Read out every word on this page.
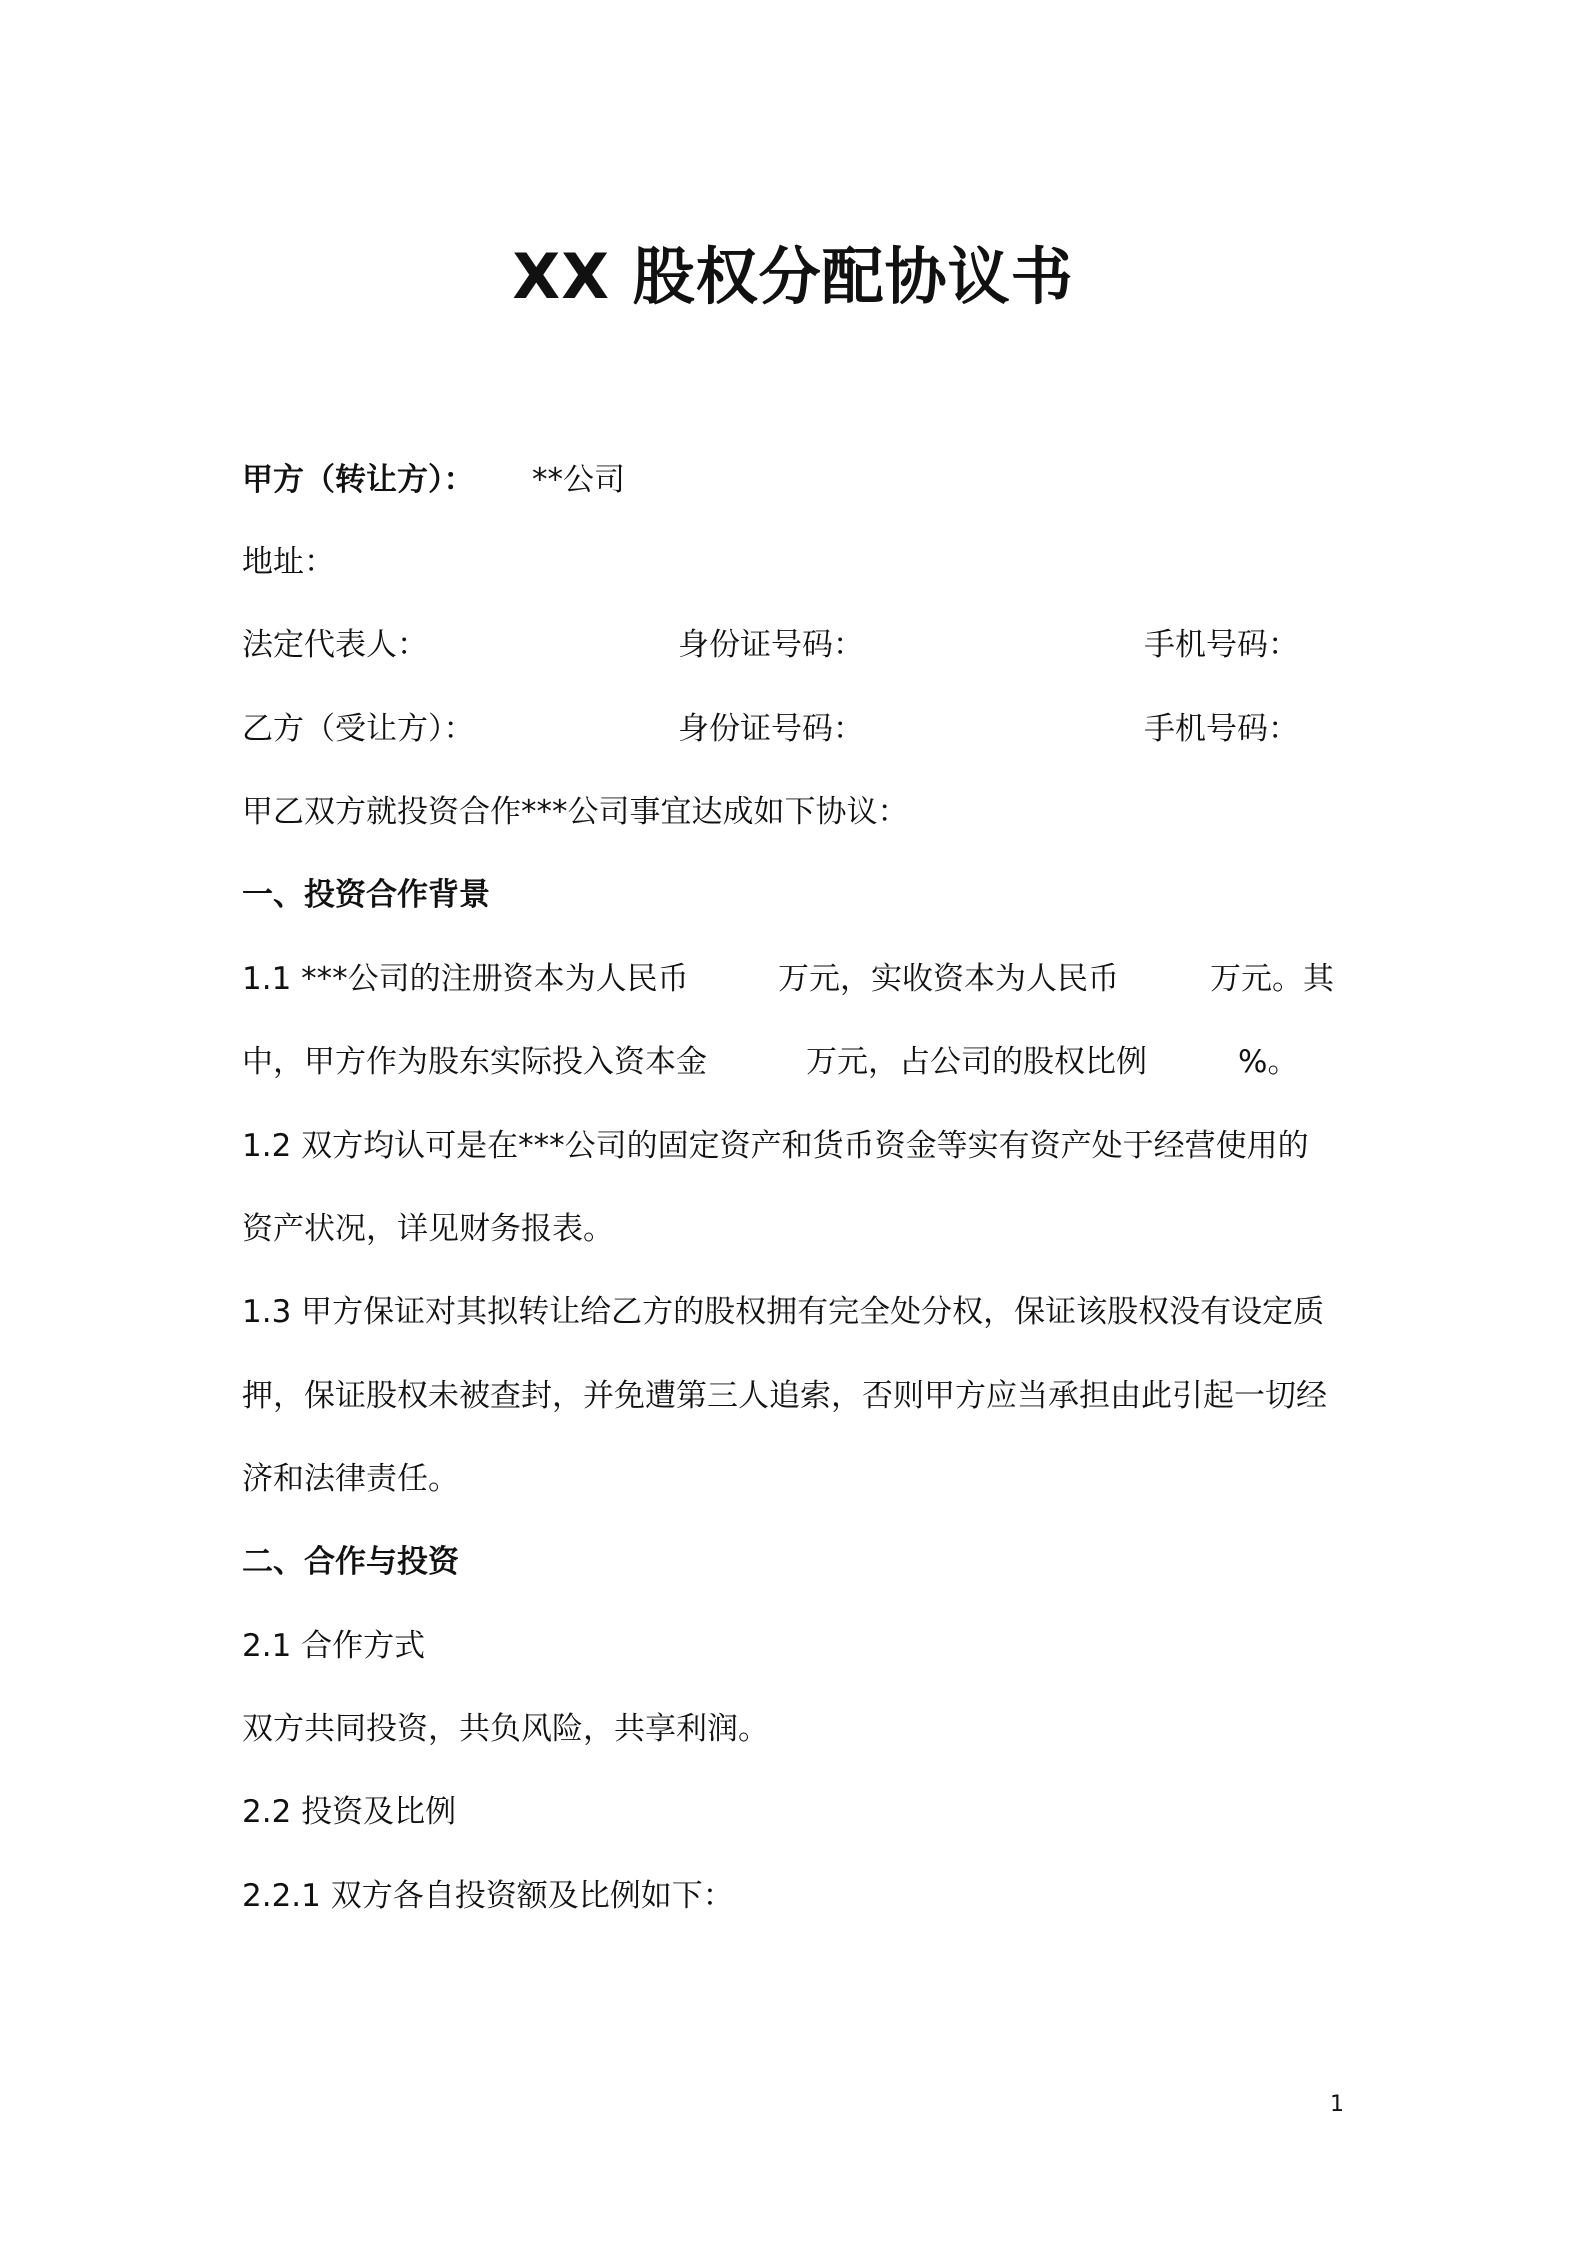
XX 股权分配协议书
甲方（转让方）： **公司
地址：
法定代表人：	身份证号码：	手机号码：
乙方（受让方）：	身份证号码：	手机号码：
甲乙双方就投资合作***公司事宜达成如下协议：
一、投资合作背景
1.1 ***公司的注册资本为人民币	万元，实收资本为人民币	万元。其
中，甲方作为股东实际投入资本金	万元，占公司的股权比例	%。
1.2 双方均认可是在***公司的固定资产和货币资金等实有资产处于经营使用的
资产状况，详见财务报表。
1.3 甲方保证对其拟转让给乙方的股权拥有完全处分权，保证该股权没有设定质
押，保证股权未被查封，并免遭第三人追索，否则甲方应当承担由此引起一切经
济和法律责任。
二、合作与投资
2.1 合作方式
双方共同投资，共负风险，共享利润。
2.2 投资及比例
2.2.1 双方各自投资额及比例如下：
1
